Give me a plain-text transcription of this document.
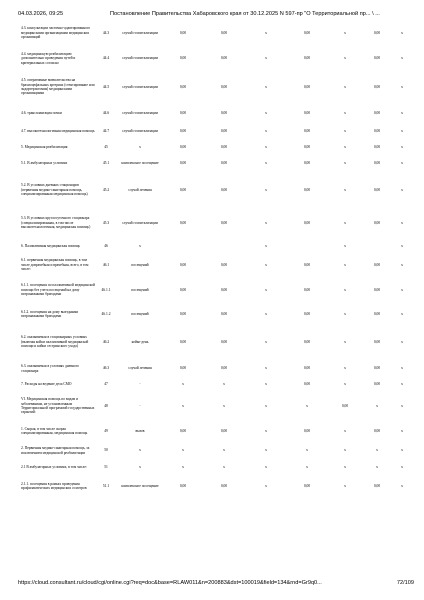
04.03.2026, 09:25	Постановление Правительства Хабаровского края от 30.12.2025 N 597-пр "О Территориальной пр... \ ...
4.3. консультации частично-адаптированного медицинскими организациями медицинских организаций	44.3	случай госпитализации	0,00	0,00	x	0,00	x	0,00	x
4.4. медицинскую реабилитацию дополнительно проведения путей и критериальных согласно	44.4	случай госпитализации	0,00	0,00	x	0,00	x	0,00	x
4.5. оперативные вмешательства на брахиоцефальных артериях (стентирование или эндартерэктомия) медицинскими организациями	44.5	случай госпитализации	0,00	0,00	x	0,00	x	0,00	x
4.6. трансплантация почки	44.6	случай госпитализации	0,00	0,00	x	0,00	x	0,00	x
4.7. высокотехнологичная медицинская помощь	44.7	случай госпитализации	0,00	0,00	x	0,00	x	0,00	x
5. Медицинская реабилитация	45	x	0,00	0,00	x	0,00	x	0,00	x
5.1. В амбулаторных условиях	45.1	комплексное посещение	0,00	0,00	x	0,00	x	0,00	x
5.2. В условиях дневных стационаров (первичная медико-санитарная помощь, специализированная медицинская помощь)	45.2	случай лечения	0,00	0,00	x	0,00	x	0,00	x
5.3. В условиях круглосуточного стационара (специализированная, в том числе высокотехнологичная, медицинская помощь)	45.3	случай госпитализации	0,00	0,00	x	0,00	x	0,00	x
6. Паллиативная медицинская помощь	46	x			x		x		x
6.1. первичная медицинская помощь, в том числе доврачебная и врачебная, всего, в том числе:	46.1	посещений	0,00	0,00	x	0,00	x	0,00	x
6.1.1. посещения по паллиативной медицинской помощи без учета посещений на дому патронажными бригадами	46.1.1	посещений	0,00	0,00	x	0,00	x	0,00	x
6.1.2. посещения на дому выездными патронажными бригадами	46.1.2	посещений	0,00	0,00	x	0,00	x	0,00	x
6.2. оказываемая в стационарных условиях (включая койки паллиативной медицинской помощи и койки сестринского ухода)	46.2	койко-день	0,00	0,00	x	0,00	x	0,00	x
6.3. оказываемая в условиях дневного стационара	46.3	случай лечения	0,00	0,00	x	0,00	x	0,00	x
7. Расходы на ведение дела СМО	47	-	x	x	x	0,00	x	0,00	x
VI. Медицинская помощь по видам и заболеваниям, не установленным Территориальной программой государственных гарантий:	48	-	x	x	x	x	0,00	x	x
1. Скорая, в том числе скорая специализированная, медицинская помощь	49	вызов	0,00	0,00	x	0,00	x	0,00	x
2. Первичная медико-санитарная помощь, за исключением медицинской реабилитации	50	x	x	x	x	x	x	x	x
2.1 В амбулаторных условиях, в том числе:	51	x	x	x	x	x	x	x	x
2.1.1. посещения в рамках проведения профилактических медицинских осмотров	51.1	комплексное посещение	0,00	0,00	x	0,00	x	0,00	x
https://cloud.consultant.ru/cloud/cgi/online.cgi?req=doc&base=RLAW011&n=200883&dst=100019&field=134&rnd=Gr9q0...	72/109
